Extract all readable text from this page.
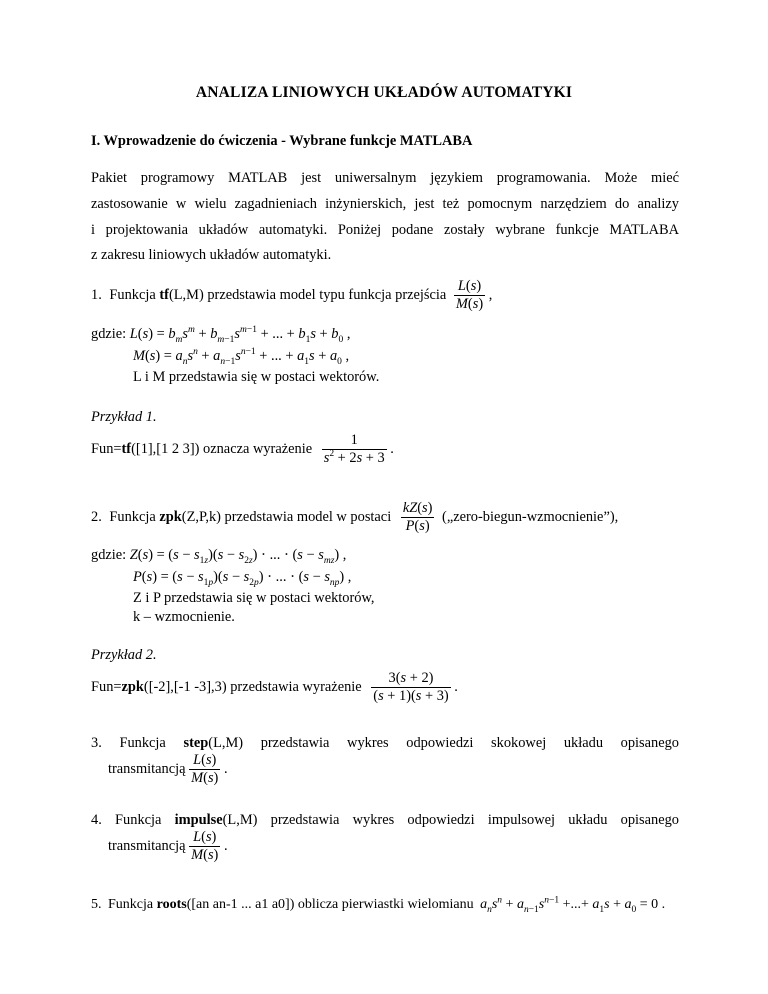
ANALIZA LINIOWYCH UKŁADÓW AUTOMATYKI
I. Wprowadzenie do ćwiczenia - Wybrane funkcje MATLABA
Pakiet programowy MATLAB jest uniwersalnym językiem programowania. Może mieć
zastosowanie w wielu zagadnieniach inżynierskich, jest też pomocnym narzędziem do analizy
i projektowania układów automatyki. Poniżej podane zostały wybrane funkcje MATLABA
z zakresu liniowych układów automatyki.
1. Funkcja tf(L,M) przedstawia model typu funkcja przejścia $\frac{L(s)}{M(s)}$ ,
gdzie: $L(s) = b_ms^m + b_{m-1}s^{m-1}$ + ... + $b_1s + b_0$ ,
$M(s) = a_ns^n + a_{n-1}s^{n-1}$ + ... + $a_1s + a_0$ ,
L i M przedstawia się w postaci wektorów.
Przykład 1.
Fun=tf([1],[1 2 3]) oznacza wyrażenie $\frac{1}{s^2 + 2s + 3}$ .
2. Funkcja zpk(Z,P,k) przedstawia model w postaci $\frac{kZ(s)}{P(s)}$ („zero-biegun-wzmocnienie”),
gdzie: $Z(s) = (s - s_{1z})(s - s_{2z})$ ⋅ ... ⋅ $(s - s_{mz})$ ,
$P(s) = (s - s_{1p})(s - s_{2p})$ ⋅ ... ⋅ $(s - s_{np})$ ,
Z i P przedstawia się w postaci wektorów,
k – wzmocnienie.
Przykład 2.
Fun=zpk([-2],[-1 -3],3) przedstawia wyrażenie $\frac{3(s + 2)}{(s + 1)(s + 3)}$ .
3. Funkcja step(L,M) przedstawia wykres odpowiedzi skokowej układu opisanego
transmitancją $\frac{L(s)}{M(s)}$ .
4. Funkcja impulse(L,M) przedstawia wykres odpowiedzi impulsowej układu opisanego
transmitancją $\frac{L(s)}{M(s)}$ .
5. Funkcja roots([an an-1 ... a1 a0]) oblicza pierwiastki wielomianu $a_ns^n + a_{n-1}s^{n-1}$ +...+ $a_1s + a_0 = 0$ .
